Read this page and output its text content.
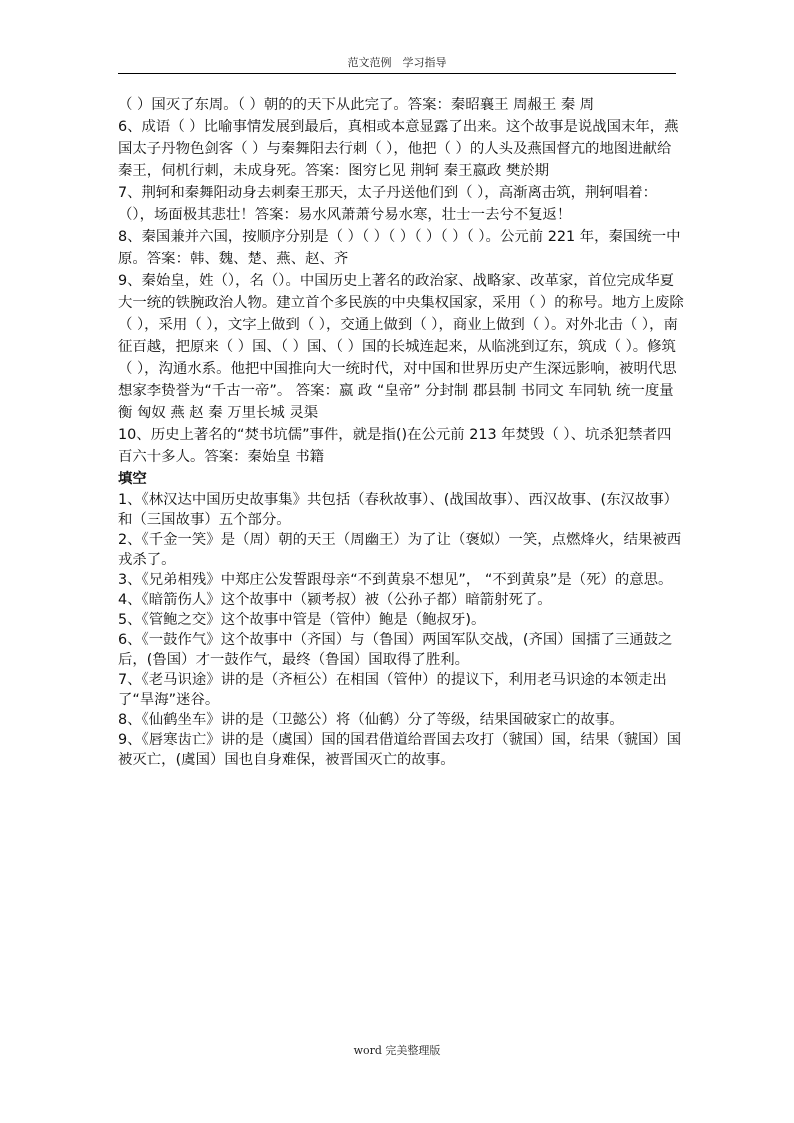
范文范例　学习指导

（ ）国灭了东周。（ ）朝的的天下从此完了。答案：秦昭襄王 周赧王 秦 周

6、成语（ ）比喻事情发展到最后，真相或本意显露了出来。这个故事是说战国末年，燕国太子丹物色剑客（ ）与秦舞阳去行刺（ ），他把（ ）的人头及燕国督亢的地图进献给秦王，伺机行刺，未成身死。答案：图穷匕见 荆轲 秦王嬴政 樊於期

7、荆轲和秦舞阳动身去刺秦王那天，太子丹送他们到（ ），高渐离击筑，荆轲唱着：（），场面极其悲壮！答案：易水风萧萧兮易水寒，壮士一去兮不复返！

8、秦国兼并六国，按顺序分别是（ ）（ ）（ ）（ ）（ ）（ ）。公元前 221 年，秦国统一中原。答案：韩、魏、楚、燕、赵、齐

9、秦始皇，姓（），名（）。中国历史上著名的政治家、战略家、改革家，首位完成华夏大一统的铁腕政治人物。建立首个多民族的中央集权国家，采用（ ）的称号。地方上废除（ ），采用（ ），文字上做到（ ），交通上做到（ ），商业上做到（ ）。对外北击（ ），南征百越，把原来（ ）国、（ ）国、（ ）国的长城连起来，从临洮到辽东，筑成（ ）。修筑（ ），沟通水系。他把中国推向大一统时代，对中国和世界历史产生深远影响，被明代思想家李贽誉为“千古一帝”。 答案：嬴 政 “皇帝” 分封制 郡县制 书同文 车同轨 统一度量衡 匈奴 燕 赵 秦 万里长城 灵渠

10、历史上著名的“焚书坑儒”事件，就是指()在公元前 213 年焚毁（ ）、坑杀犯禁者四百六十多人。答案：秦始皇 书籍

填空

1、《林汉达中国历史故事集》共包括（春秋故事）、(战国故事）、西汉故事、(东汉故事）和（三国故事）五个部分。

2、《千金一笑》是（周）朝的天王（周幽王）为了让（褒姒）一笑，点燃烽火，结果被西戎杀了。

3、《兄弟相残》中郑庄公发誓跟母亲“不到黄泉不想见”， “不到黄泉”是（死）的意思。

4、《暗箭伤人》这个故事中（颍考叔）被（公孙子都）暗箭射死了。

5、《管鲍之交》这个故事中管是（管仲）鲍是（鲍叔牙)。

6、《一鼓作气》这个故事中（齐国）与（鲁国）两国军队交战，(齐国）国擂了三通鼓之后，(鲁国）才一鼓作气，最终（鲁国）国取得了胜利。

7、《老马识途》讲的是（齐桓公）在相国（管仲）的提议下，利用老马识途的本领走出了“旱海”迷谷。

8、《仙鹤坐车》讲的是（卫懿公）将（仙鹤）分了等级，结果国破家亡的故事。

9、《唇寒齿亡》讲的是（虞国）国的国君借道给晋国去攻打（虢国）国，结果（虢国）国被灭亡，(虞国）国也自身难保，被晋国灭亡的故事。

word 完美整理版
